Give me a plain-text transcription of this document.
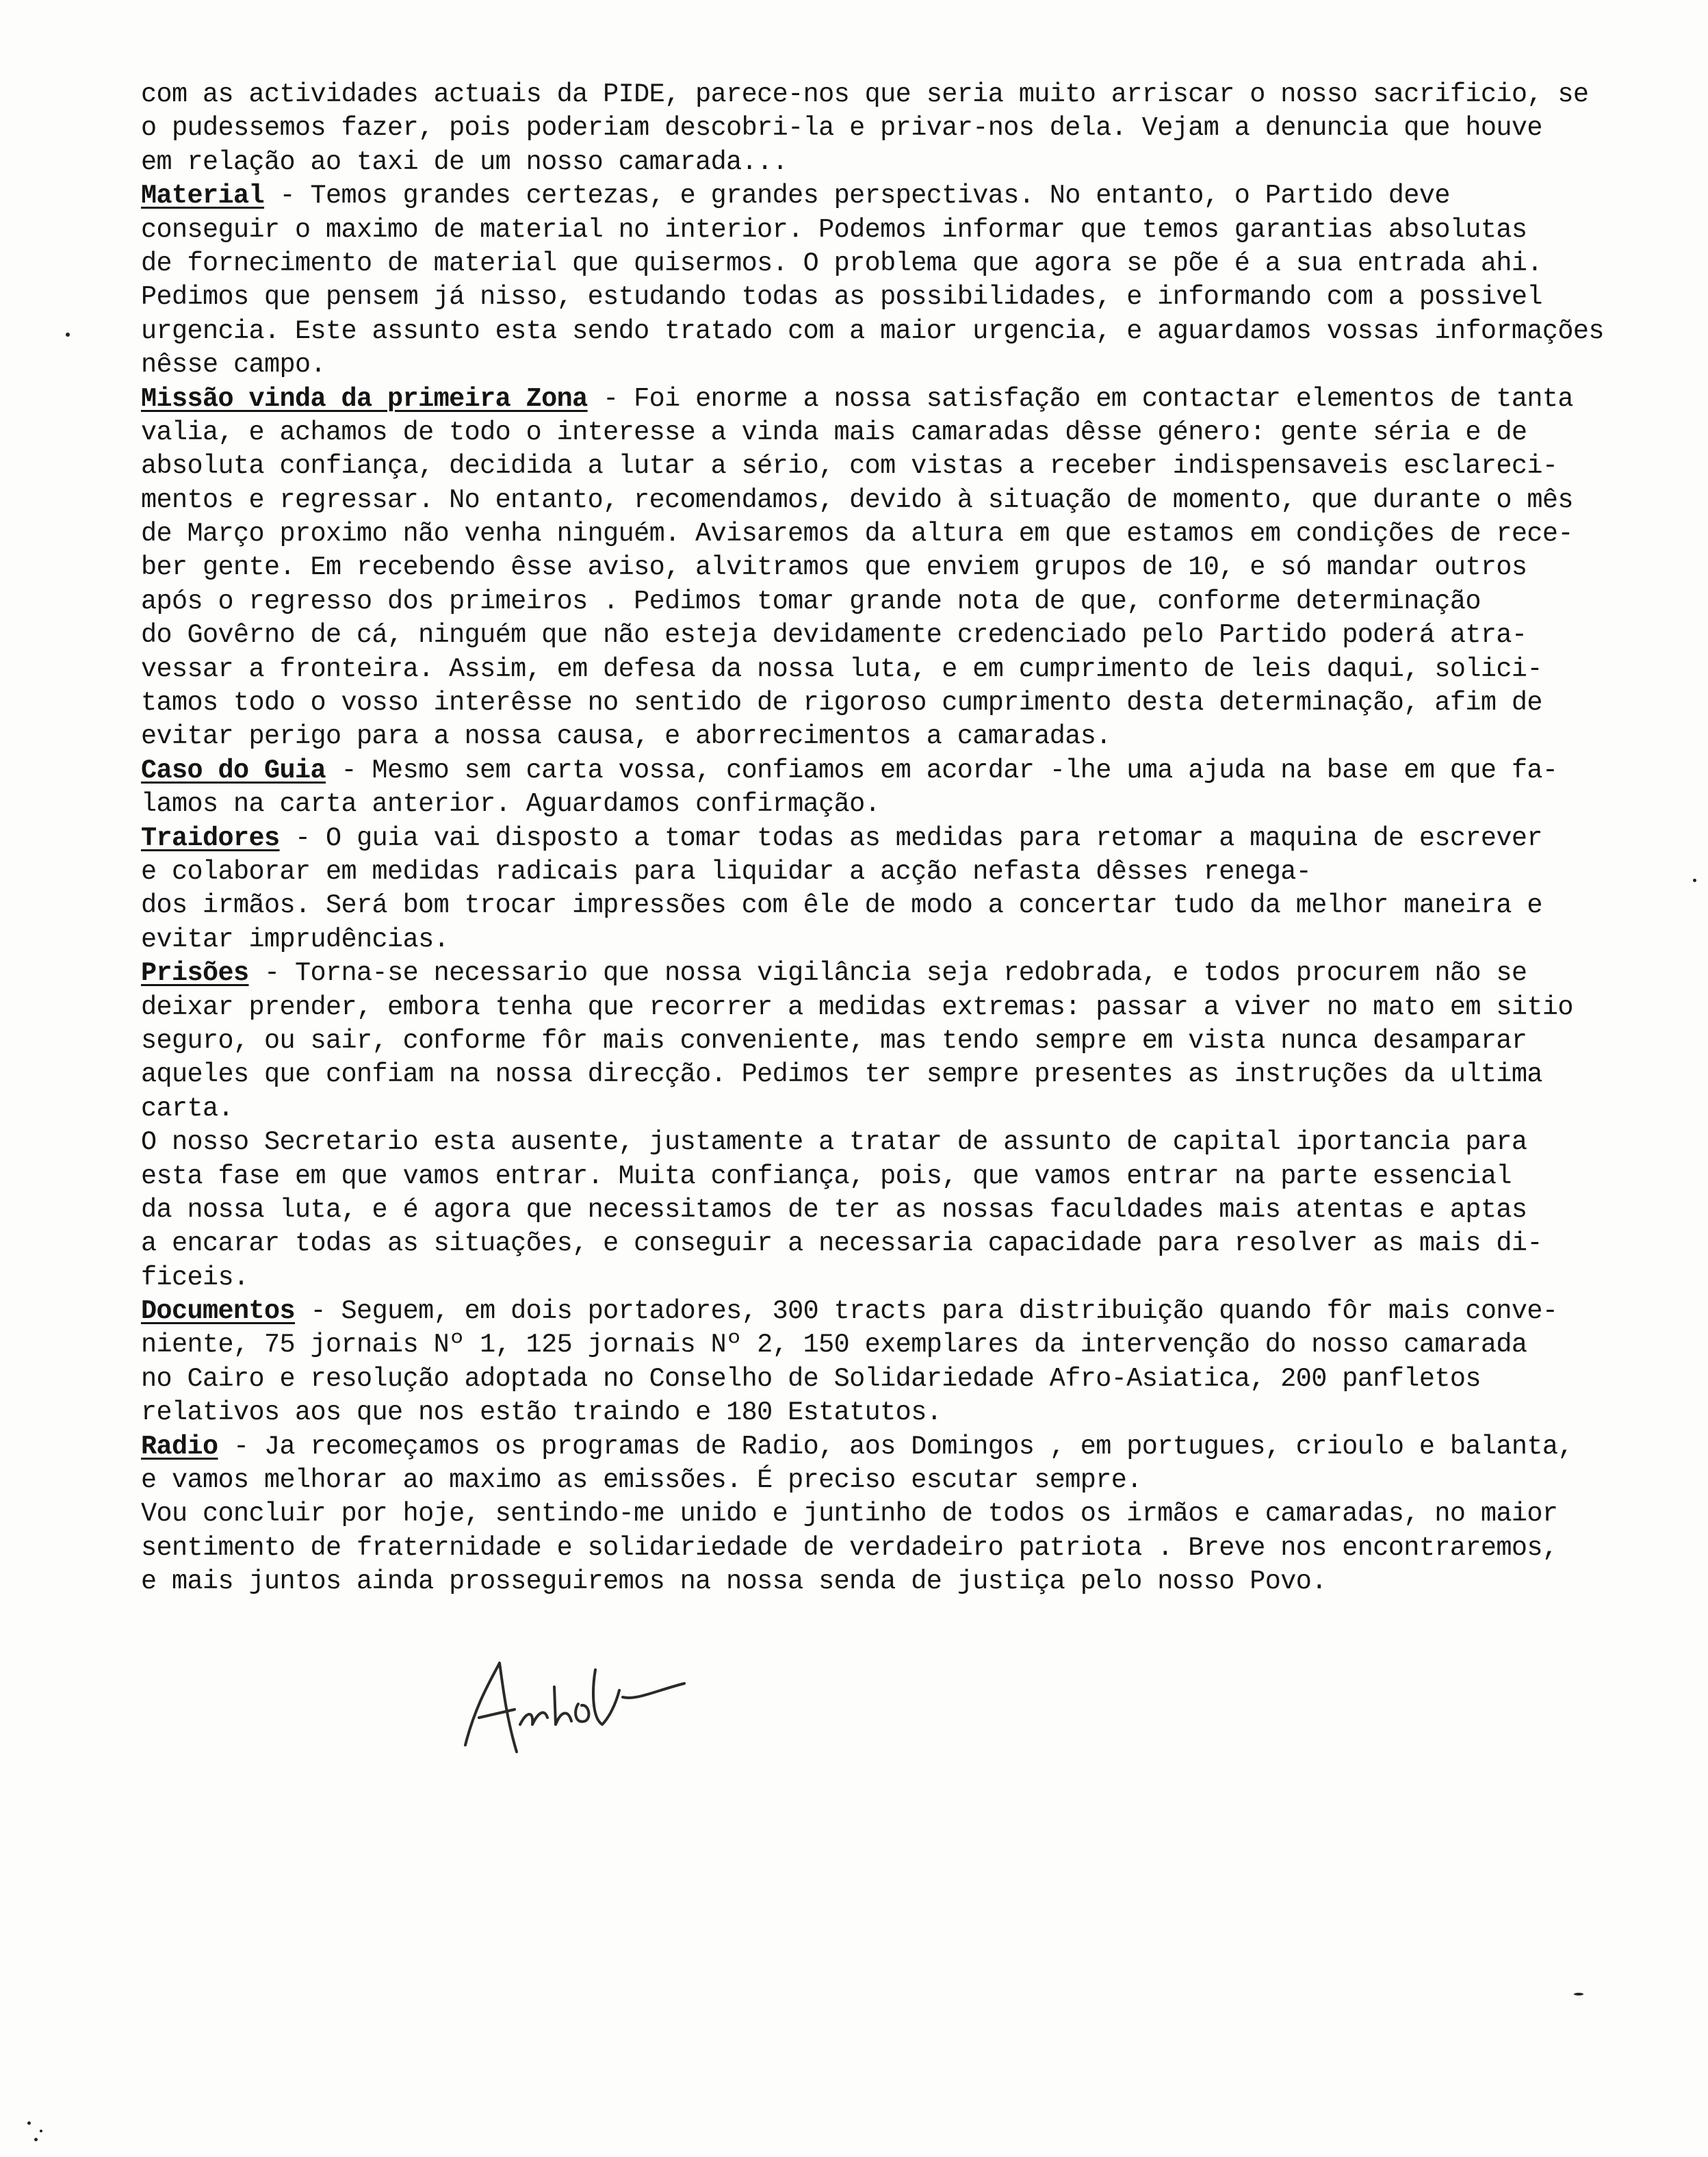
com as actividades actuais da PIDE, parece-nos que seria muito arriscar o nosso sacrificio, se
o pudessemos fazer, pois poderiam descobri-la e privar-nos dela. Vejam a denuncia que houve
em relação ao taxi de um nosso camarada...
Material - Temos grandes certezas, e grandes perspectivas. No entanto, o Partido deve
conseguir o maximo de material no interior. Podemos informar que temos garantias absolutas
de fornecimento de material que quisermos. O problema que agora se põe é a sua entrada ahi.
Pedimos que pensem já nisso, estudando todas as possibilidades, e informando com a possivel
urgencia. Este assunto esta sendo tratado com a maior urgencia, e aguardamos vossas informações
nêsse campo.
Missão vinda da primeira Zona - Foi enorme a nossa satisfação em contactar elementos de tanta
valia, e achamos de todo o interesse a vinda mais camaradas dêsse género: gente séria e de
absoluta confiança, decidida a lutar a sério, com vistas a receber indispensaveis esclareci-
mentos e regressar. No entanto, recomendamos, devido à situação de momento, que durante o mês
de Março proximo não venha ninguém. Avisaremos da altura em que estamos em condições de rece-
ber gente. Em recebendo êsse aviso, alvitramos que enviem grupos de 10, e só mandar outros
após o regresso dos primeiros . Pedimos tomar grande nota de que, conforme determinação
do Govêrno de cá, ninguém que não esteja devidamente credenciado pelo Partido poderá atra-
vessar a fronteira. Assim, em defesa da nossa luta, e em cumprimento de leis daqui, solici-
tamos todo o vosso interêsse no sentido de rigoroso cumprimento desta determinação, afim de
evitar perigo para a nossa causa, e aborrecimentos a camaradas.
Caso do Guia - Mesmo sem carta vossa, confiamos em acordar -lhe uma ajuda na base em que fa-
lamos na carta anterior. Aguardamos confirmação.
Traidores - O guia vai disposto a tomar todas as medidas para retomar a maquina de escrever
e colaborar em medidas radicais para liquidar a acção nefasta dêsses renega-
dos irmãos. Será bom trocar impressões com êle de modo a concertar tudo da melhor maneira e
evitar imprudências.
Prisões - Torna-se necessario que nossa vigilância seja redobrada, e todos procurem não se
deixar prender, embora tenha que recorrer a medidas extremas: passar a viver no mato em sitio
seguro, ou sair, conforme fôr mais conveniente, mas tendo sempre em vista nunca desamparar
aqueles que confiam na nossa direcção. Pedimos ter sempre presentes as instruções da ultima
carta.
O nosso Secretario esta ausente, justamente a tratar de assunto de capital iportancia para
esta fase em que vamos entrar. Muita confiança, pois, que vamos entrar na parte essencial
da nossa luta, e é agora que necessitamos de ter as nossas faculdades mais atentas e aptas
a encarar todas as situações, e conseguir a necessaria capacidade para resolver as mais di-
ficeis.
Documentos - Seguem, em dois portadores, 300 tracts para distribuição quando fôr mais conve-
niente, 75 jornais Nº 1, 125 jornais Nº 2, 150 exemplares da intervenção do nosso camarada
no Cairo e resolução adoptada no Conselho de Solidariedade Afro-Asiatica, 200 panfletos
relativos aos que nos estão traindo e 180 Estatutos.
Radio - Ja recomeçamos os programas de Radio, aos Domingos , em portugues, crioulo e balanta,
e vamos melhorar ao maximo as emissões. É preciso escutar sempre.
Vou concluir por hoje, sentindo-me unido e juntinho de todos os irmãos e camaradas, no maior
sentimento de fraternidade e solidariedade de verdadeiro patriota . Breve nos encontraremos,
e mais juntos ainda prosseguiremos na nossa senda de justiça pelo nosso Povo.
